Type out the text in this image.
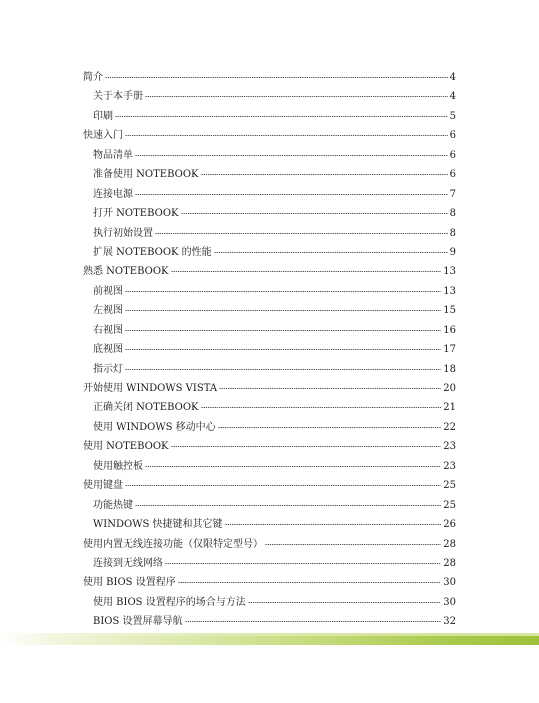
简介	4
关于本手册	4
印刷	5
快速入门	6
物品清单	6
准备使用 NOTEBOOK	6
连接电源	7
打开 NOTEBOOK	8
执行初始设置	8
扩展 NOTEBOOK 的性能	9
熟悉 NOTEBOOK	13
前视图	13
左视图	15
右视图	16
底视图	17
指示灯	18
开始使用 WINDOWS VISTA	20
正确关闭 NOTEBOOK	21
使用 WINDOWS 移动中心	22
使用 NOTEBOOK	23
使用触控板	23
使用键盘	25
功能热键	25
WINDOWS 快捷键和其它键	26
使用内置无线连接功能（仅限特定型号）	28
连接到无线网络	28
使用 BIOS 设置程序	30
使用 BIOS 设置程序的场合与方法	30
BIOS 设置屏幕导航	32
